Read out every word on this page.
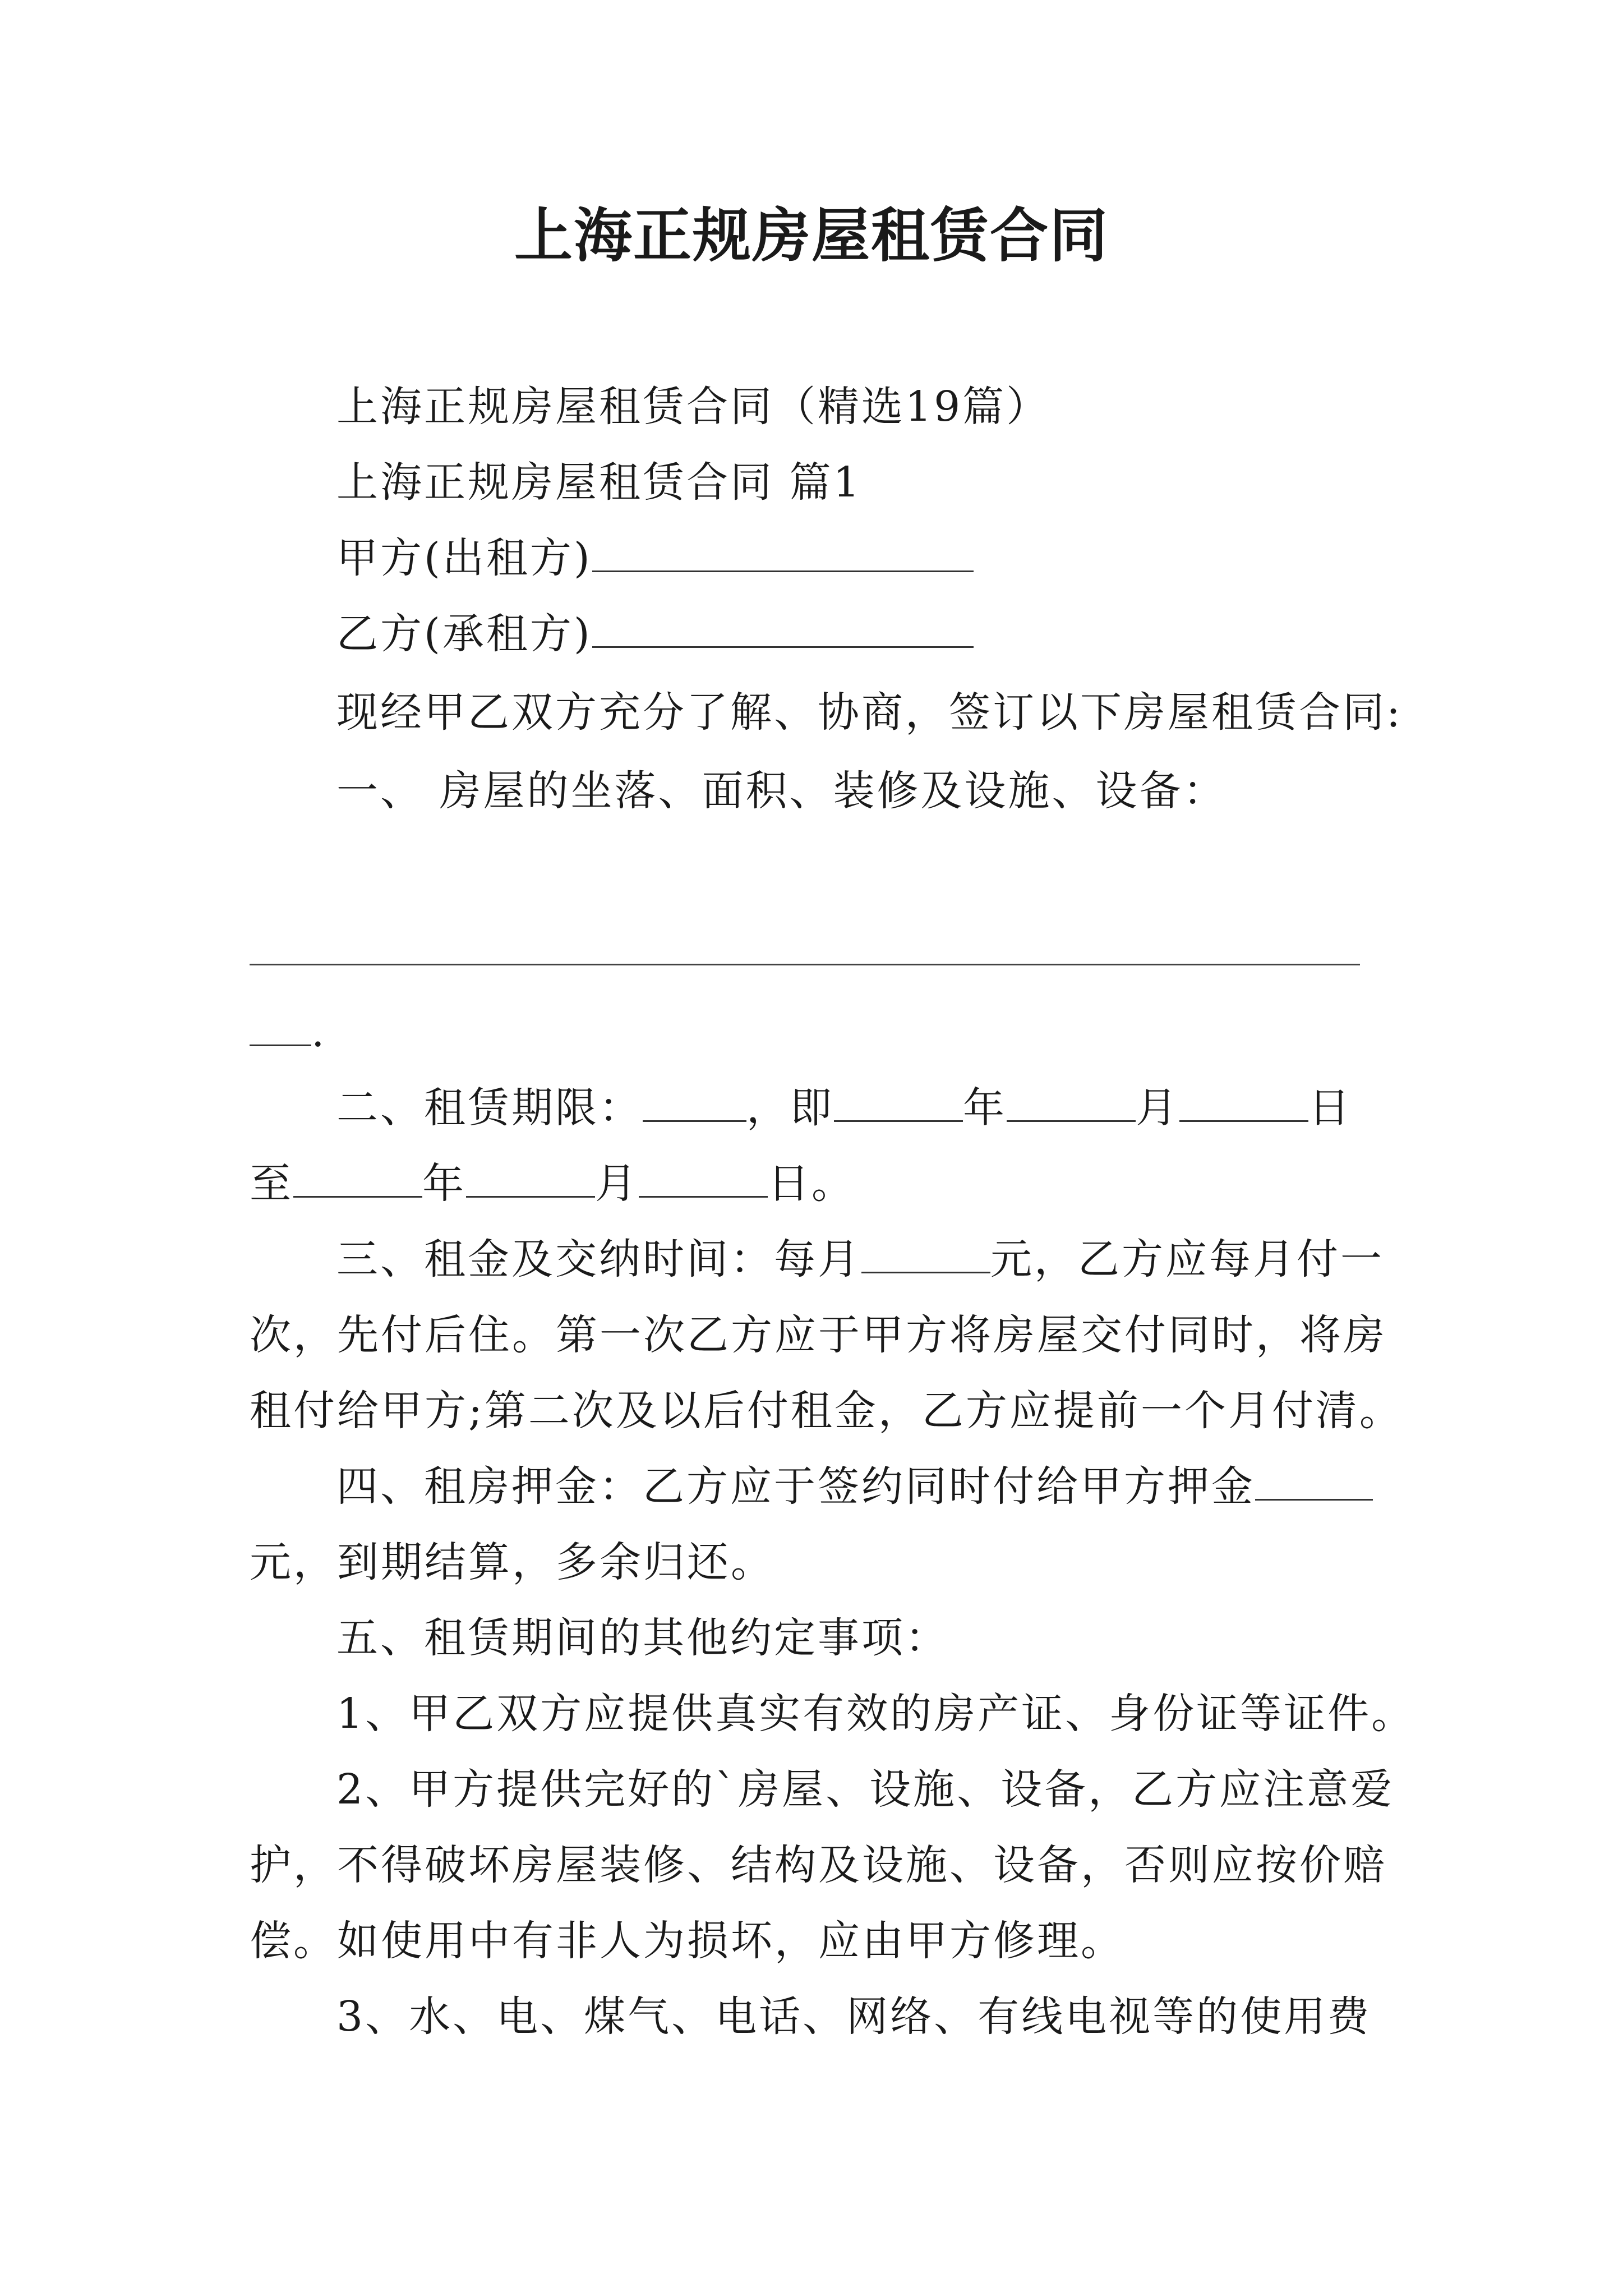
上海正规房屋租赁合同
上海正规房屋租赁合同（精选19篇）
上海正规房屋租赁合同 篇1
甲方(出租方)
乙方(承租方)
现经甲乙双方充分了解、协商，签订以下房屋租赁合同:
一、 房屋的坐落、面积、装修及设施、设备：
.
二、租赁期限：	，即	年	月	日
至	年	月	日。
三、租金及交纳时间：每月	元，乙方应每月付一
次，先付后住。第一次乙方应于甲方将房屋交付同时，将房
租付给甲方;第二次及以后付租金，乙方应提前一个月付清。
四、租房押金：乙方应于签约同时付给甲方押金
元，到期结算，多余归还。
五、租赁期间的其他约定事项：
1、甲乙双方应提供真实有效的房产证、身份证等证件。
2、甲方提供完好的`房屋、设施、设备，乙方应注意爱
护，不得破坏房屋装修、结构及设施、设备，否则应按价赔
偿。如使用中有非人为损坏，应由甲方修理。
3、水、电、煤气、电话、网络、有线电视等的使用费
